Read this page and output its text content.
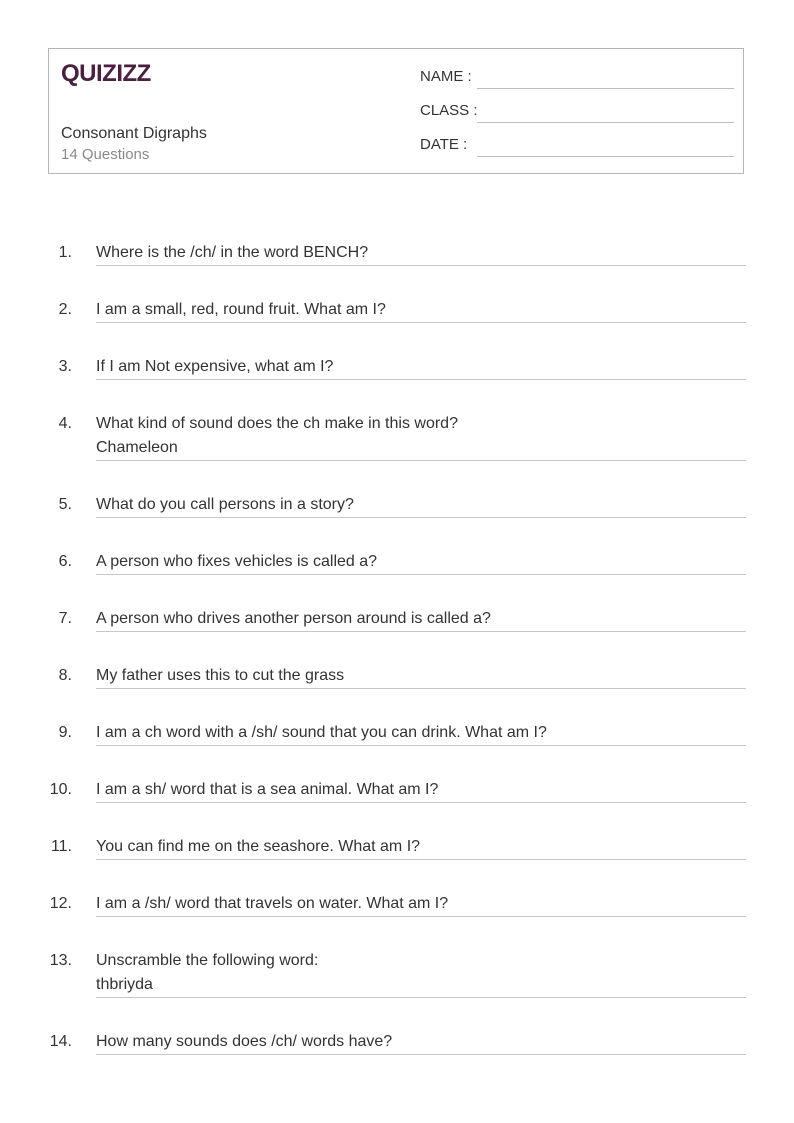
QUIZIZZ
Consonant Digraphs
14 Questions
NAME :
CLASS :
DATE :
1. Where is the /ch/ in the word BENCH?
2. I am a small, red, round fruit. What am I?
3. If I am Not expensive, what am I?
4. What kind of sound does the ch make in this word?
Chameleon
5. What do you call persons in a story?
6. A person who fixes vehicles is called a?
7. A person who drives another person around is called a?
8. My father uses this to cut the grass
9. I am a ch word with a /sh/ sound that you can drink. What am I?
10. I am a sh/ word that is a sea animal. What am I?
11. You can find me on the seashore. What am I?
12. I am a /sh/ word that travels on water. What am I?
13. Unscramble the following word:
thbriyda
14. How many sounds does /ch/ words have?
